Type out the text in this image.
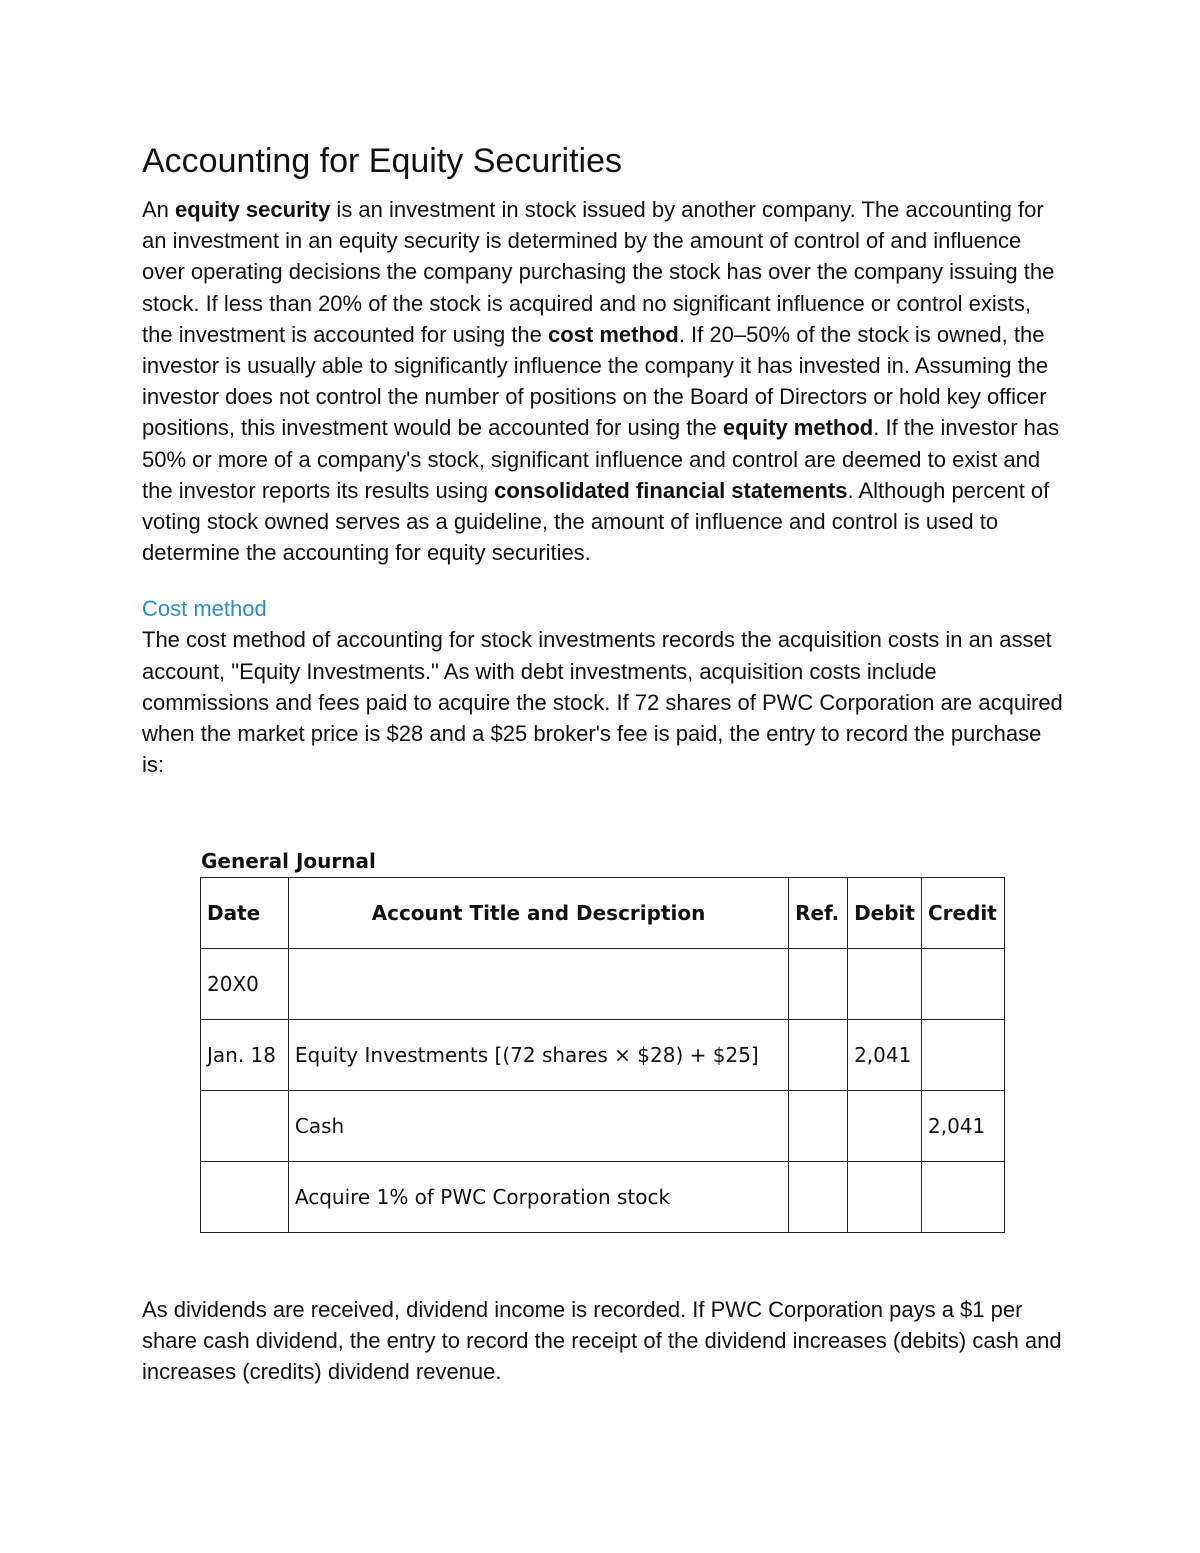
Accounting for Equity Securities

An equity security is an investment in stock issued by another company. The accounting for an investment in an equity security is determined by the amount of control of and influence over operating decisions the company purchasing the stock has over the company issuing the stock. If less than 20% of the stock is acquired and no significant influence or control exists, the investment is accounted for using the cost method. If 20–50% of the stock is owned, the investor is usually able to significantly influence the company it has invested in. Assuming the investor does not control the number of positions on the Board of Directors or hold key officer positions, this investment would be accounted for using the equity method. If the investor has 50% or more of a company's stock, significant influence and control are deemed to exist and the investor reports its results using consolidated financial statements. Although percent of voting stock owned serves as a guideline, the amount of influence and control is used to determine the accounting for equity securities.

Cost method

The cost method of accounting for stock investments records the acquisition costs in an asset account, "Equity Investments." As with debt investments, acquisition costs include commissions and fees paid to acquire the stock. If 72 shares of PWC Corporation are acquired when the market price is $28 and a $25 broker's fee is paid, the entry to record the purchase is:

General Journal
Date	Account Title and Description	Ref.	Debit	Credit
20X0				
Jan. 18	Equity Investments [(72 shares × $28) + $25]		2,041	
	Cash			2,041
	Acquire 1% of PWC Corporation stock			

As dividends are received, dividend income is recorded. If PWC Corporation pays a $1 per share cash dividend, the entry to record the receipt of the dividend increases (debits) cash and increases (credits) dividend revenue.
